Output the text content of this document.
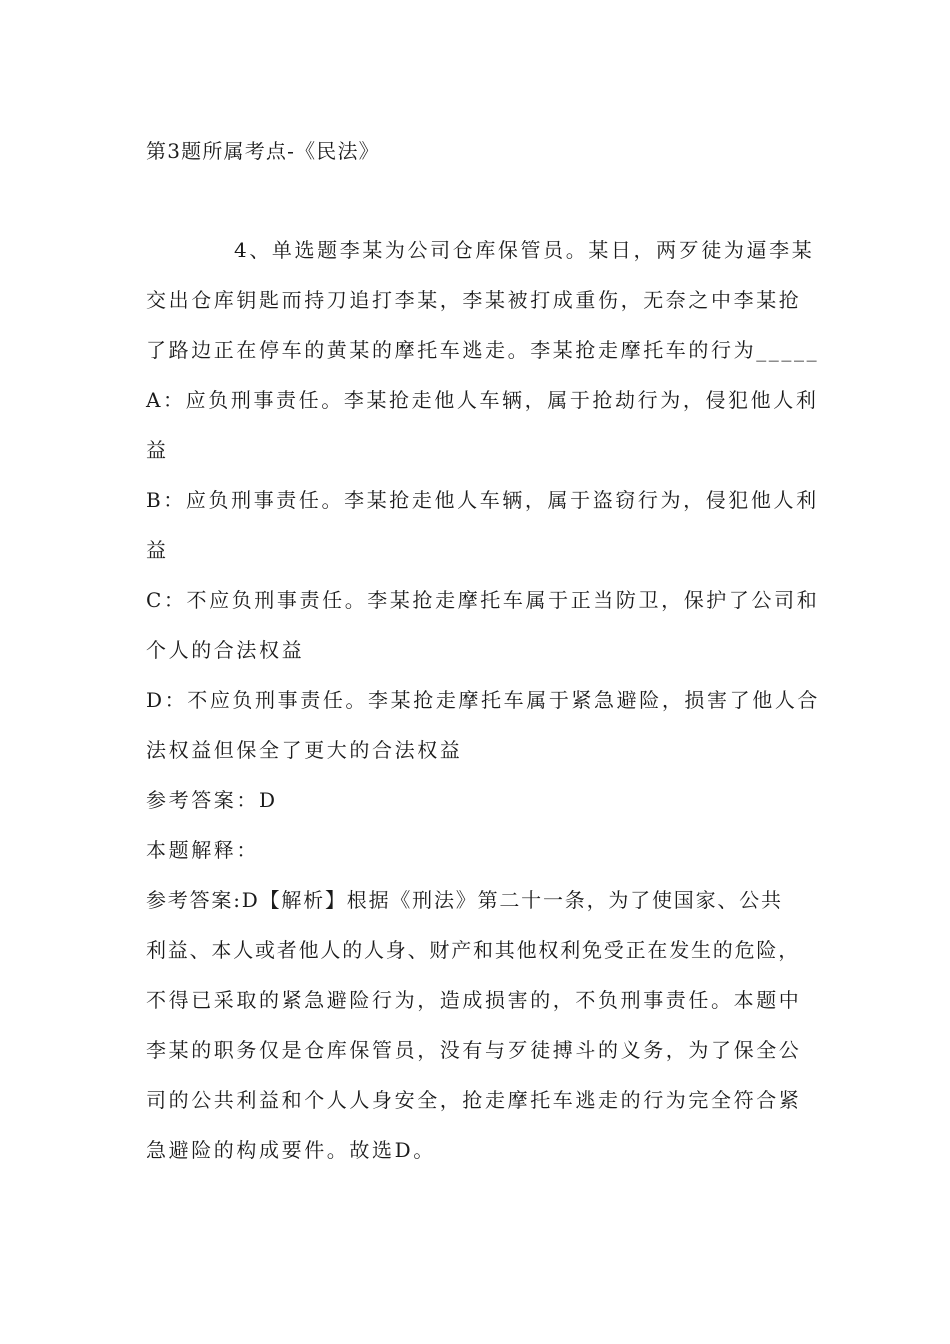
第3题所属考点-《民法》
4、单选题李某为公司仓库保管员。某日，两歹徒为逼李某
交出仓库钥匙而持刀追打李某，李某被打成重伤，无奈之中李某抢
了路边正在停车的黄某的摩托车逃走。李某抢走摩托车的行为_____
A：应负刑事责任。李某抢走他人车辆，属于抢劫行为，侵犯他人利
益
B：应负刑事责任。李某抢走他人车辆，属于盗窃行为，侵犯他人利
益
C：不应负刑事责任。李某抢走摩托车属于正当防卫，保护了公司和
个人的合法权益
D：不应负刑事责任。李某抢走摩托车属于紧急避险，损害了他人合
法权益但保全了更大的合法权益
参考答案：D
本题解释：
参考答案:D【解析】根据《刑法》第二十一条，为了使国家、公共
利益、本人或者他人的人身、财产和其他权利免受正在发生的危险，
不得已采取的紧急避险行为，造成损害的，不负刑事责任。本题中
李某的职务仅是仓库保管员，没有与歹徒搏斗的义务，为了保全公
司的公共利益和个人人身安全，抢走摩托车逃走的行为完全符合紧
急避险的构成要件。故选D。
